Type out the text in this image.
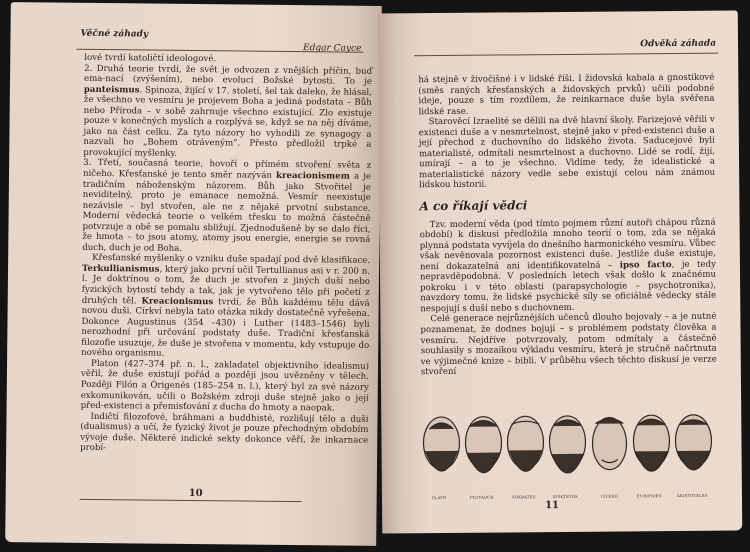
Věčné záhady
Edgar Cayce

lové tvrdí katoličtí ideologové.

2. Druhá teorie tvrdí, že svět je odvozen z vnějších příčin, buď ema-nací (zvýšením), nebo evolucí Božské bytosti. To je panteismus. Spinoza, žijící v 17. století, šel tak daleko, že hlásal, že všechno ve vesmíru je projevem Boha a jediná podstata – Bůh nebo Příroda – v sobě zahrnuje všechno existující. Zlo existuje pouze v konečných myslích a rozplývá se, když se na něj díváme, jako na část celku. Za tyto názory ho vyhodili ze synagogy a nazvali ho „Bohem otráveným“. Přesto předložil trpké a provokující myšlenky.

3. Třetí, současná teorie, hovoří o přímém stvoření světa z ničeho. Křesťanské je tento směr nazýván kreacionismem a je tradičním náboženským názorem. Bůh jako Stvořitel je neviditelný, proto je emanace nemožná. Vesmír neexistuje nezávisle – byl stvořen, ale ne z nějaké prvotní substance. Moderní vědecká teorie o velkém třesku to možná částečně potvrzuje a obě se pomalu sbližují. Zjednodušeně by se dalo říci, že hmota – to jsou atomy, atomy jsou energie, energie se rovná duch, duch je od Boha.

Křesťanské myšlenky o vzniku duše spadají pod dvě klasifikace. Terkullianismus, který jako první učil Tertullianus asi v r. 200 n. l. Je doktrínou o tom, že duch je stvořen z jiných duší nebo fyzických bytostí tehdy a tak, jak je vytvořeno tělo při početí z druhých těl. Kreacionismus tvrdí, že Bůh každému tělu dává novou duši. Církví nebyla tato otázka nikdy dostatečně vyřešena. Dokonce Augustinus (354 –430) i Luther (1483–1546) byli nerozhodní při určování podstaty duše. Tradiční křesťanská filozofie usuzuje, že duše je stvořena v momentu, kdy vstupuje do nového organismu.

Platon (427–374 př. n. l., zakladatel objektivního idealismu) věřil, že duše existují pořád a později jsou uvězněny v tělech. Později Filón a Órigenés (185–254 n. l.), který byl za své názory exkomunikován, učili o Božském zdroji duše stejně jako o její před-existenci a přemisťování z ducha do hmoty a naopak.

Indičtí filozofové, bráhmani a buddhisté, rozlišují tělo a duši (dualismus) a učí, že fyzický život je pouze přechodným obdobím vývoje duše. Některé indické sekty dokonce věří, že inkarnace probí-

10
Odvěká záhada

há stejně v živočišné i v lidské říši. I židovská kabala a gnostikové (směs raných křesťanských a židovských prvků) učili podobné ideje, pouze s tím rozdílem, že reinkarnace duše byla svěřena lidské rase.

Starověcí Izraelité se dělili na dvě hlavní školy. Farizejové věřili v existenci duše a v nesmrtelnost, stejně jako v před-existenci duše a její přechod z duchovního do lidského života. Saducejové byli materialisté, odmítali nesmrtelnost a duchovno. Lidé se rodí, žijí, umírají – a to je všechno. Vidíme tedy, že idealistické a materialistické názory vedle sebe existují celou nám známou lidskou historii.

A co říkají vědci

Tzv. moderní věda (pod tímto pojmem různí autoři chápou různá období) k diskusi předložila mnoho teorií o tom, zda se nějaká plynná podstata vyvíjela do dnešního harmonického vesmíru. Vůbec však nevěnovala pozornost existenci duše. Jestliže duše existuje, není dokazatelná ani identifikovatelná – ipso facto, je tedy nepravděpodobná. V posledních letech však došlo k značnému pokroku i v této oblasti (parapsychologie – psychotronika), navzdory tomu, že lidské psychické síly se oficiálně vědecky stále nespojují s duší nebo s duchovnem.

Celé generace nejrůznějších učenců dlouho bojovaly – a je nutné poznamenat, že dodnes bojují – s problémem podstaty člověka a vesmíru. Nejdříve potvrzovaly, potom odmítaly a částečně souhlasily s mozaikou výkladu vesmíru, která je stručně načrtnuta ve výjimečné knize – bibli. V průběhu všech těchto diskusí je verze stvoření

PLATO	PLUTARCH	SOKRATES	EPIKTETOS	CICERO	EURIPIDES	ARISTOTELES
11
